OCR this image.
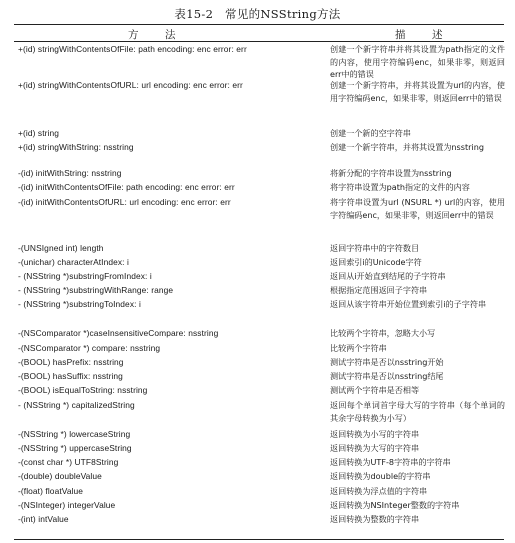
表15-2　常见的NSString方法
方　法	描　述
+(id) stringWithContentsOfFile: path encoding: enc error: err	创建一个新字符串并将其设置为path指定的文件的内容，使用字符编码enc，如果非零，则返回err中的错误
+(id) stringWithContentsOfURL: url encoding: enc error: err	创建一个新字符串，并将其设置为url的内容，使用字符编码enc，如果非零，则返回err中的错误
+(id) string	创建一个新的空字符串
+(id) stringWithString: nsstring	创建一个新字符串，并将其设置为nsstring
-(id) initWithString: nsstring	将新分配的字符串设置为nsstring
-(id) initWithContentsOfFile: path encoding: enc error: err	将字符串设置为path指定的文件的内容
-(id) initWithContentsOfURL: url encoding: enc error: err	将字符串设置为url (NSURL *) url的内容，使用字符编码enc，如果非零，则返回err中的错误
-(UNSIgned int) length	返回字符串中的字符数目
-(unichar) characterAtIndex: i	返回索引i的Unicode字符
- (NSString *)substringFromIndex: i	返回从i开始直到结尾的子字符串
- (NSString *)substringWithRange: range	根据指定范围返回子字符串
- (NSString *)substringToIndex: i	返回从该字符串开始位置到索引i的子字符串
-(NSComparator *)caseInsensitiveCompare: nsstring	比较两个字符串，忽略大小写
-(NSComparator *) compare: nsstring	比较两个字符串
-(BOOL) hasPrefix: nsstring	测试字符串是否以nsstring开始
-(BOOL) hasSuffix: nsstring	测试字符串是否以nsstring结尾
-(BOOL) isEqualToString: nsstring	测试两个字符串是否相等
- (NSString *) capitalizedString	返回每个单词首字母大写的字符串（每个单词的其余字母转换为小写）
-(NSString *) lowercaseString	返回转换为小写的字符串
-(NSString *) uppercaseString	返回转换为大写的字符串
-(const char *) UTF8String	返回转换为UTF-8字符串的字符串
-(double) doubleValue	返回转换为double的字符串
-(float) floatValue	返回转换为浮点值的字符串
-(NSInteger) integerValue	返回转换为NSInteger整数的字符串
-(int) intValue	返回转换为整数的字符串
